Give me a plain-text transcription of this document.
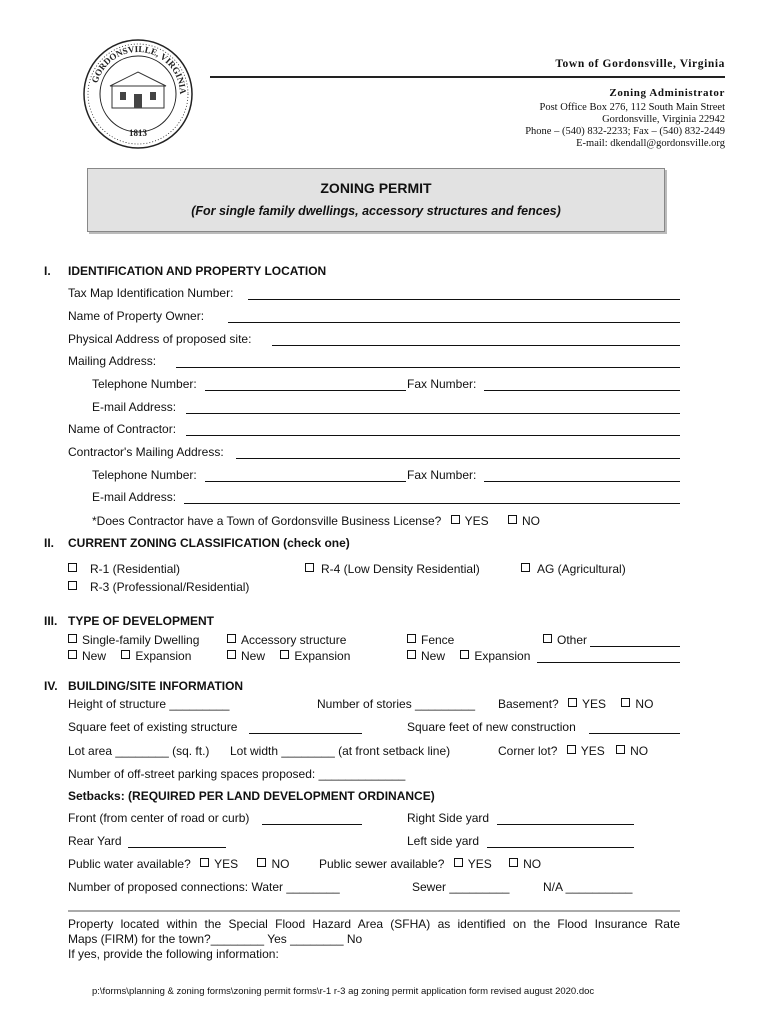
GORDONSVILLE, VIRGINIA
1813
Town of Gordonsville, Virginia
Zoning Administrator
Post Office Box 276, 112 South Main Street
Gordonsville, Virginia 22942
Phone – (540) 832-2233; Fax – (540) 832-2449
E-mail: dkendall@gordonsville.org
ZONING PERMIT
(For single family dwellings, accessory structures and fences)
I. IDENTIFICATION AND PROPERTY LOCATION
Tax Map Identification Number:
Name of Property Owner:
Physical Address of proposed site:
Mailing Address:
Telephone Number:	Fax Number:
E-mail Address:
Name of Contractor:
Contractor's Mailing Address:
Telephone Number:	Fax Number:
E-mail Address:
*Does Contractor have a Town of Gordonsville Business License? YES	NO
II. CURRENT ZONING CLASSIFICATION (check one)
R-1 (Residential)	R-4 (Low Density Residential)	AG (Agricultural)
R-3 (Professional/Residential)
III. TYPE OF DEVELOPMENT
Single-family Dwelling	Accessory structure	Fence	Other
New Expansion	New Expansion	New Expansion
IV. BUILDING/SITE INFORMATION
Height of structure _________	Number of stories _________ Basement? YES NO
Square feet of existing structure	Square feet of new construction
Lot area ________ (sq. ft.) Lot width ________ (at front setback line)	Corner lot? YES NO
Number of off-street parking spaces proposed: _____________
Setbacks: (REQUIRED PER LAND DEVELOPMENT ORDINANCE)
Front (from center of road or curb)	Right Side yard
Rear Yard	Left side yard
Public water available? YES	NO Public sewer available? YES	NO
Number of proposed connections: Water ________	Sewer _________	N/A __________
Property located within the Special Flood Hazard Area (SFHA) as identified on the Flood Insurance Rate
Maps (FIRM) for the town?________ Yes ________ No
If yes, provide the following information:
p:\forms\planning & zoning forms\zoning permit forms\r-1 r-3 ag zoning permit application form revised august 2020.doc
